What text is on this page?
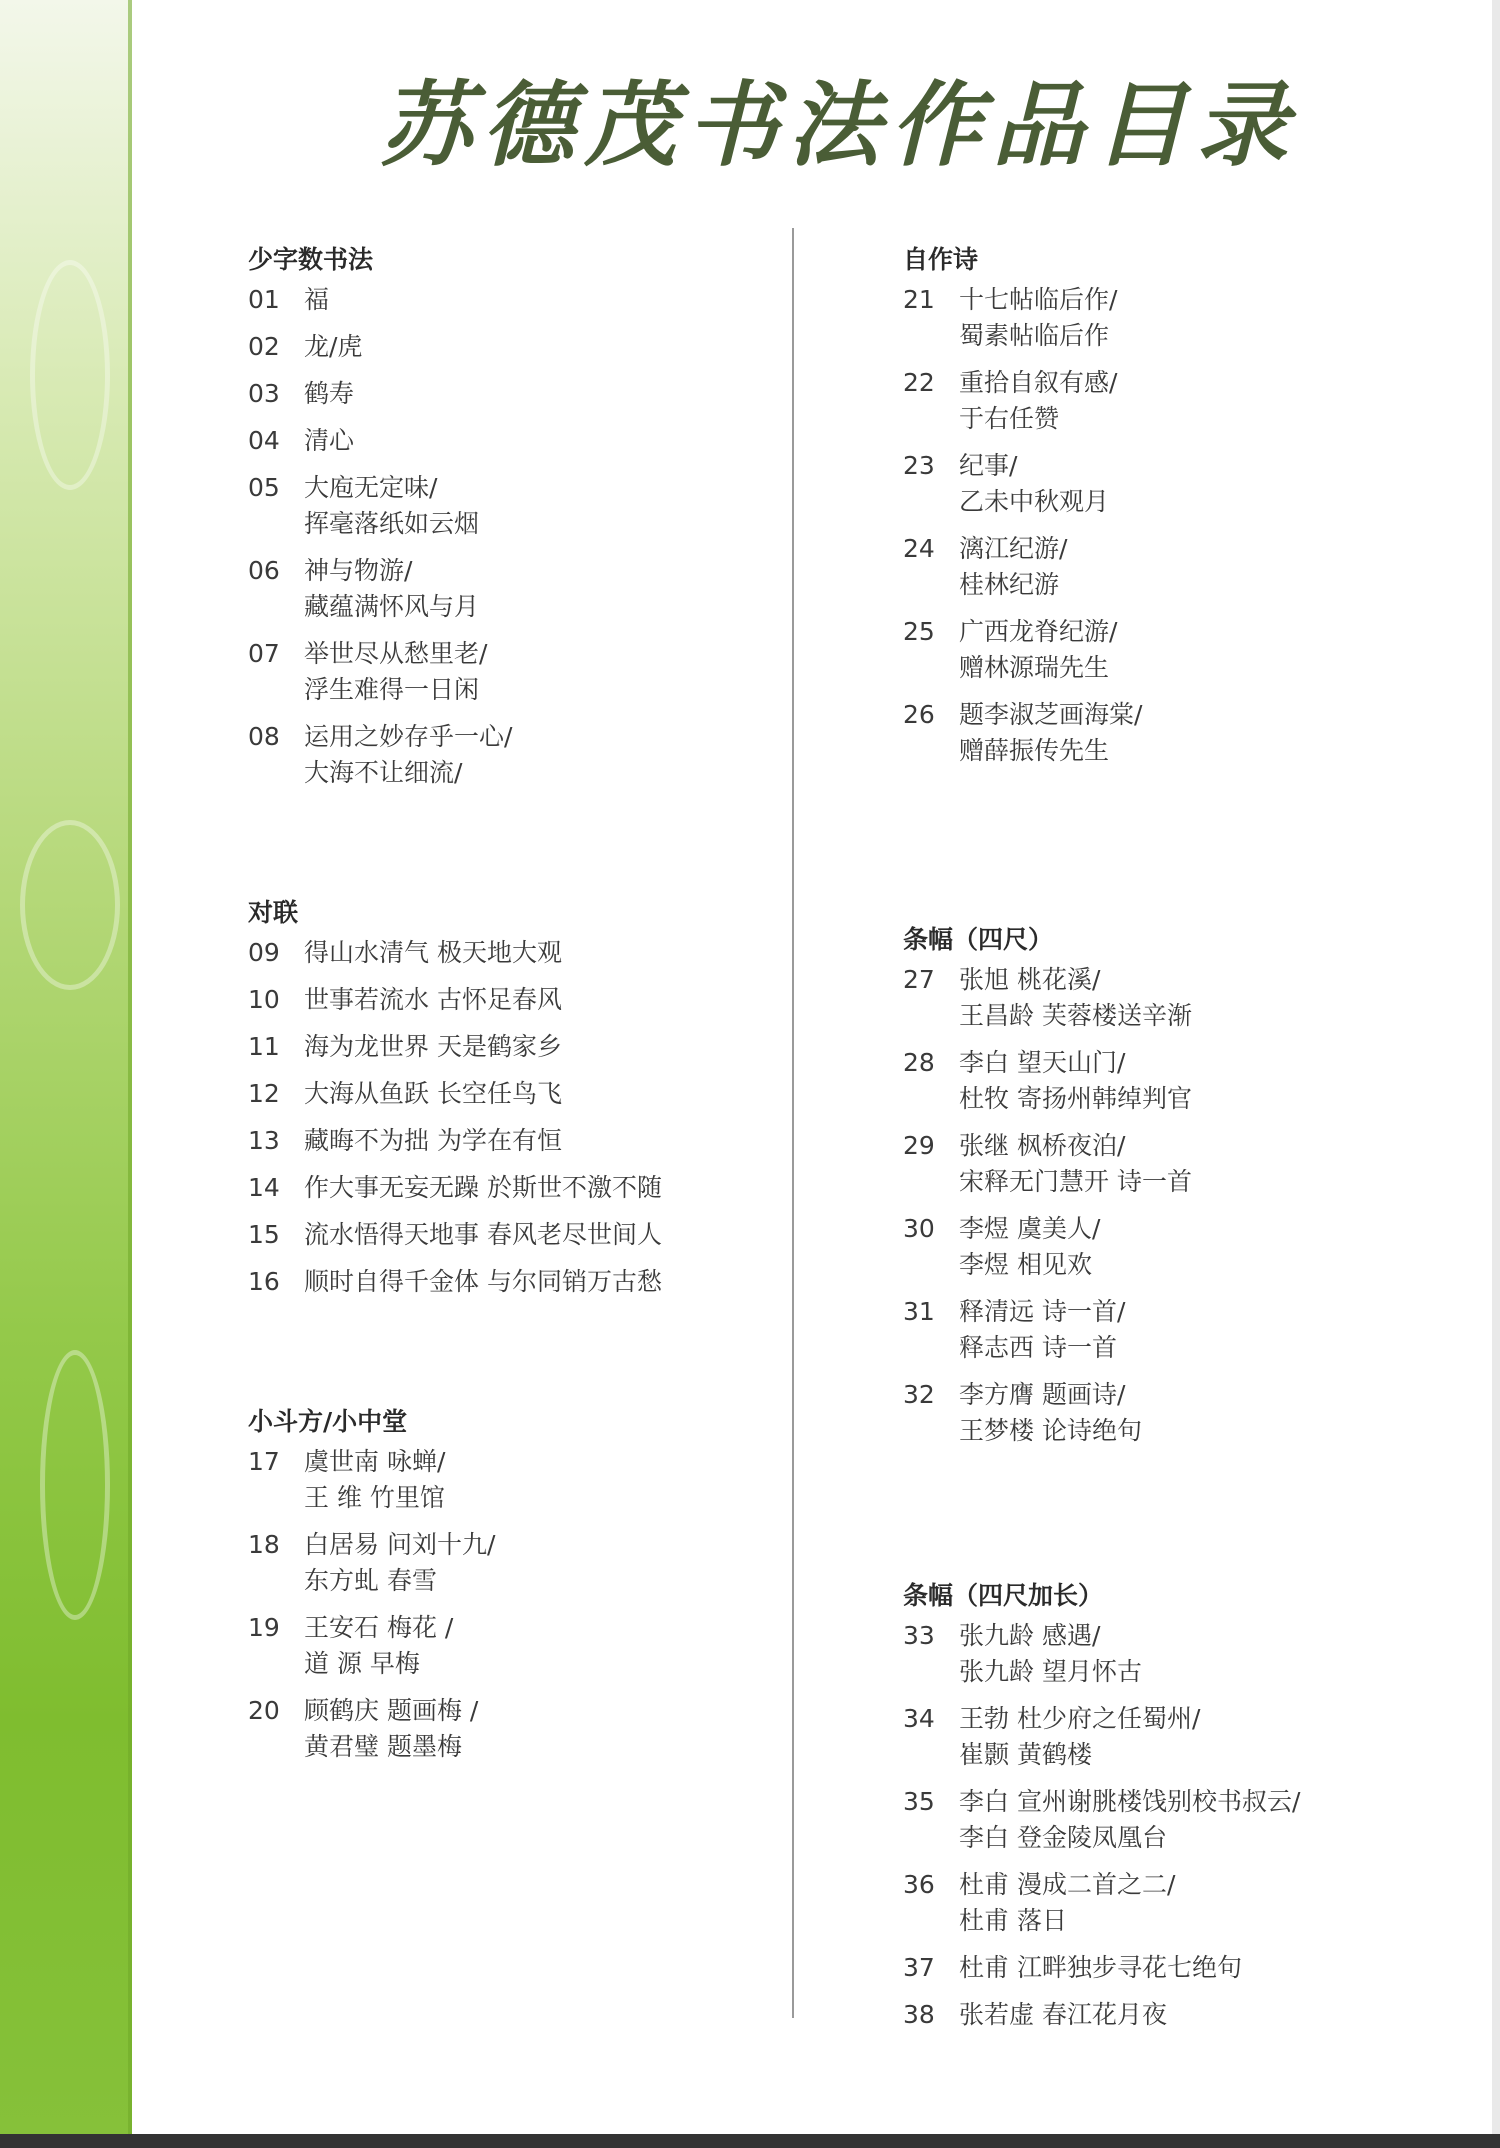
苏德茂书法作品目录
少字数书法
01 福
02 龙/虎
03 鹤寿
04 清心
05 大庖无定味/
挥毫落纸如云烟
06 神与物游/
藏蕴满怀风与月
07 举世尽从愁里老/
浮生难得一日闲
08 运用之妙存乎一心/
大海不让细流/
对联
09 得山水清气 极天地大观
10 世事若流水 古怀足春风
11 海为龙世界 天是鹤家乡
12 大海从鱼跃 长空任鸟飞
13 藏晦不为拙 为学在有恒
14 作大事无妄无躁 於斯世不激不随
15 流水悟得天地事 春风老尽世间人
16 顺时自得千金体 与尔同销万古愁
小斗方/小中堂
17 虞世南 咏蝉/
王 维 竹里馆
18 白居易 问刘十九/
东方虬 春雪
19 王安石 梅花 /
道 源 早梅
20 顾鹤庆 题画梅 /
黄君璧 题墨梅
自作诗
21 十七帖临后作/
蜀素帖临后作
22 重拾自叙有感/
于右任赞
23 纪事/
乙未中秋观月
24 漓江纪游/
桂林纪游
25 广西龙脊纪游/
赠林源瑞先生
26 题李淑芝画海棠/
赠薛振传先生
条幅（四尺）
27 张旭 桃花溪/
王昌龄 芙蓉楼送辛渐
28 李白 望天山门/
杜牧 寄扬州韩绰判官
29 张继 枫桥夜泊/
宋释无门慧开 诗一首
30 李煜 虞美人/
李煜 相见欢
31 释清远 诗一首/
释志西 诗一首
32 李方膺 题画诗/
王梦楼 论诗绝句
条幅（四尺加长）
33 张九龄 感遇/
张九龄 望月怀古
34 王勃 杜少府之任蜀州/
崔颢 黄鹤楼
35 李白 宣州谢朓楼饯别校书叔云/
李白 登金陵凤凰台
36 杜甫 漫成二首之二/
杜甫 落日
37 杜甫 江畔独步寻花七绝句
38 张若虚 春江花月夜
